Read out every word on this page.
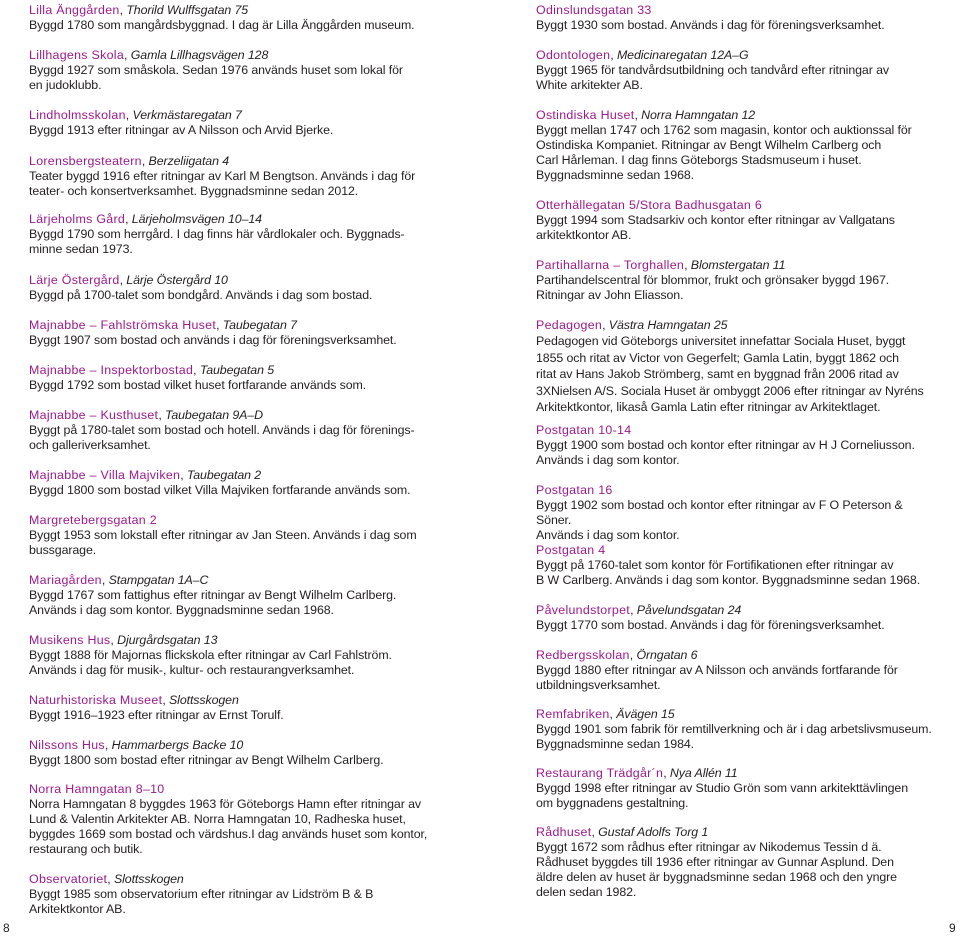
Lilla Änggården, Thorild Wulffsgatan 75
Byggd 1780 som mangårdsbyggnad. I dag är Lilla Änggården museum.
Lillhagens Skola, Gamla Lillhagsvägen 128
Byggd 1927 som småskola. Sedan 1976 används huset som lokal för
en judoklubb.
Lindholmsskolan, Verkmästaregatan 7
Byggd 1913 efter ritningar av A Nilsson och Arvid Bjerke.
Lorensbergsteatern, Berzeliigatan 4
Teater byggd 1916 efter ritningar av Karl M Bengtson. Används i dag för
teater- och konsertverksamhet. Byggnadsminne sedan 2012.
Lärjeholms Gård, Lärjeholmsvägen 10–14
Byggd 1790 som herrgård. I dag finns här vårdlokaler och. Byggnads-
minne sedan 1973.
Lärje Östergård, Lärje Östergård 10
Byggd på 1700-talet som bondgård. Används i dag som bostad.
Majnabbe – Fahlströmska Huset, Taubegatan 7
Byggt 1907 som bostad och används i dag för föreningsverksamhet.
Majnabbe – Inspektorbostad, Taubegatan 5
Byggd 1792 som bostad vilket huset fortfarande används som.
Majnabbe – Kusthuset, Taubegatan 9A–D
Byggt på 1780-talet som bostad och hotell. Används i dag för förenings-
och galleriverksamhet.
Majnabbe – Villa Majviken, Taubegatan 2
Byggd 1800 som bostad vilket Villa Majviken fortfarande används som.
Margretebergsgatan 2
Byggt 1953 som lokstall efter ritningar av Jan Steen. Används i dag som
bussgarage.
Mariagården, Stampgatan 1A–C
Byggd 1767 som fattighus efter ritningar av Bengt Wilhelm Carlberg.
Används i dag som kontor. Byggnadsminne sedan 1968.
Musikens Hus, Djurgårdsgatan 13
Byggt 1888 för Majornas flickskola efter ritningar av Carl Fahlström.
Används i dag för musik-, kultur- och restaurangverksamhet.
Naturhistoriska Museet, Slottsskogen
Byggt 1916–1923 efter ritningar av Ernst Torulf.
Nilssons Hus, Hammarbergs Backe 10
Byggt 1800 som bostad efter ritningar av Bengt Wilhelm Carlberg.
Norra Hamngatan 8–10
Norra Hamngatan 8 byggdes 1963 för Göteborgs Hamn efter ritningar av
Lund & Valentin Arkitekter AB. Norra Hamngatan 10, Radheska huset,
byggdes 1669 som bostad och värdshus.I dag används huset som kontor,
restaurang och butik.
Observatoriet, Slottsskogen
Byggt 1985 som observatorium efter ritningar av Lidström B & B
Arkitektkontor AB.
Odinslundsgatan 33
Byggt 1930 som bostad. Används i dag för föreningsverksamhet.
Odontologen, Medicinaregatan 12A–G
Byggt 1965 för tandvårdsutbildning och tandvård efter ritningar av
White arkitekter AB.
Ostindiska Huset, Norra Hamngatan 12
Byggt mellan 1747 och 1762 som magasin, kontor och auktionssal för
Ostindiska Kompaniet. Ritningar av Bengt Wilhelm Carlberg och
Carl Hårleman. I dag finns Göteborgs Stadsmuseum i huset.
Byggnadsminne sedan 1968.
Otterhällegatan 5/Stora Badhusgatan 6
Byggt 1994 som Stadsarkiv och kontor efter ritningar av Vallgatans
arkitektkontor AB.
Partihallarna – Torghallen, Blomstergatan 11
Partihandelscentral för blommor, frukt och grönsaker byggd 1967.
Ritningar av John Eliasson.
Pedagogen, Västra Hamngatan 25
Pedagogen vid Göteborgs universitet innefattar Sociala Huset, byggt
1855 och ritat av Victor von Gegerfelt; Gamla Latin, byggt 1862 och
ritat av Hans Jakob Strömberg, samt en byggnad från 2006 ritad av
3XNielsen A/S. Sociala Huset är ombyggt 2006 efter ritningar av Nyréns
Arkitektkontor, likaså Gamla Latin efter ritningar av Arkitektlaget.
Postgatan 10-14
Byggt 1900 som bostad och kontor efter ritningar av H J Corneliusson.
Används i dag som kontor.
Postgatan 16
Byggt 1902 som bostad och kontor efter ritningar av F O Peterson & Söner.
Används i dag som kontor.
Postgatan 4
Byggt på 1760-talet som kontor för Fortifikationen efter ritningar av
B W Carlberg. Används i dag som kontor. Byggnadsminne sedan 1968.
Påvelundstorpet, Påvelundsgatan 24
Byggt 1770 som bostad. Används i dag för föreningsverksamhet.
Redbergsskolan, Örngatan 6
Byggd 1880 efter ritningar av A Nilsson och används fortfarande för
utbildningsverksamhet.
Remfabriken, Ävägen 15
Byggd 1901 som fabrik för remtillverkning och är i dag arbetslivsmuseum.
Byggnadsminne sedan 1984.
Restaurang Trädgår´n, Nya Allén 11
Byggd 1998 efter ritningar av Studio Grön som vann arkitekttävlingen
om byggnadens gestaltning.
Rådhuset, Gustaf Adolfs Torg 1
Byggt 1672 som rådhus efter ritningar av Nikodemus Tessin d ä.
Rådhuset byggdes till 1936 efter ritningar av Gunnar Asplund. Den
äldre delen av huset är byggnadsminne sedan 1968 och den yngre
delen sedan 1982.
8	9
